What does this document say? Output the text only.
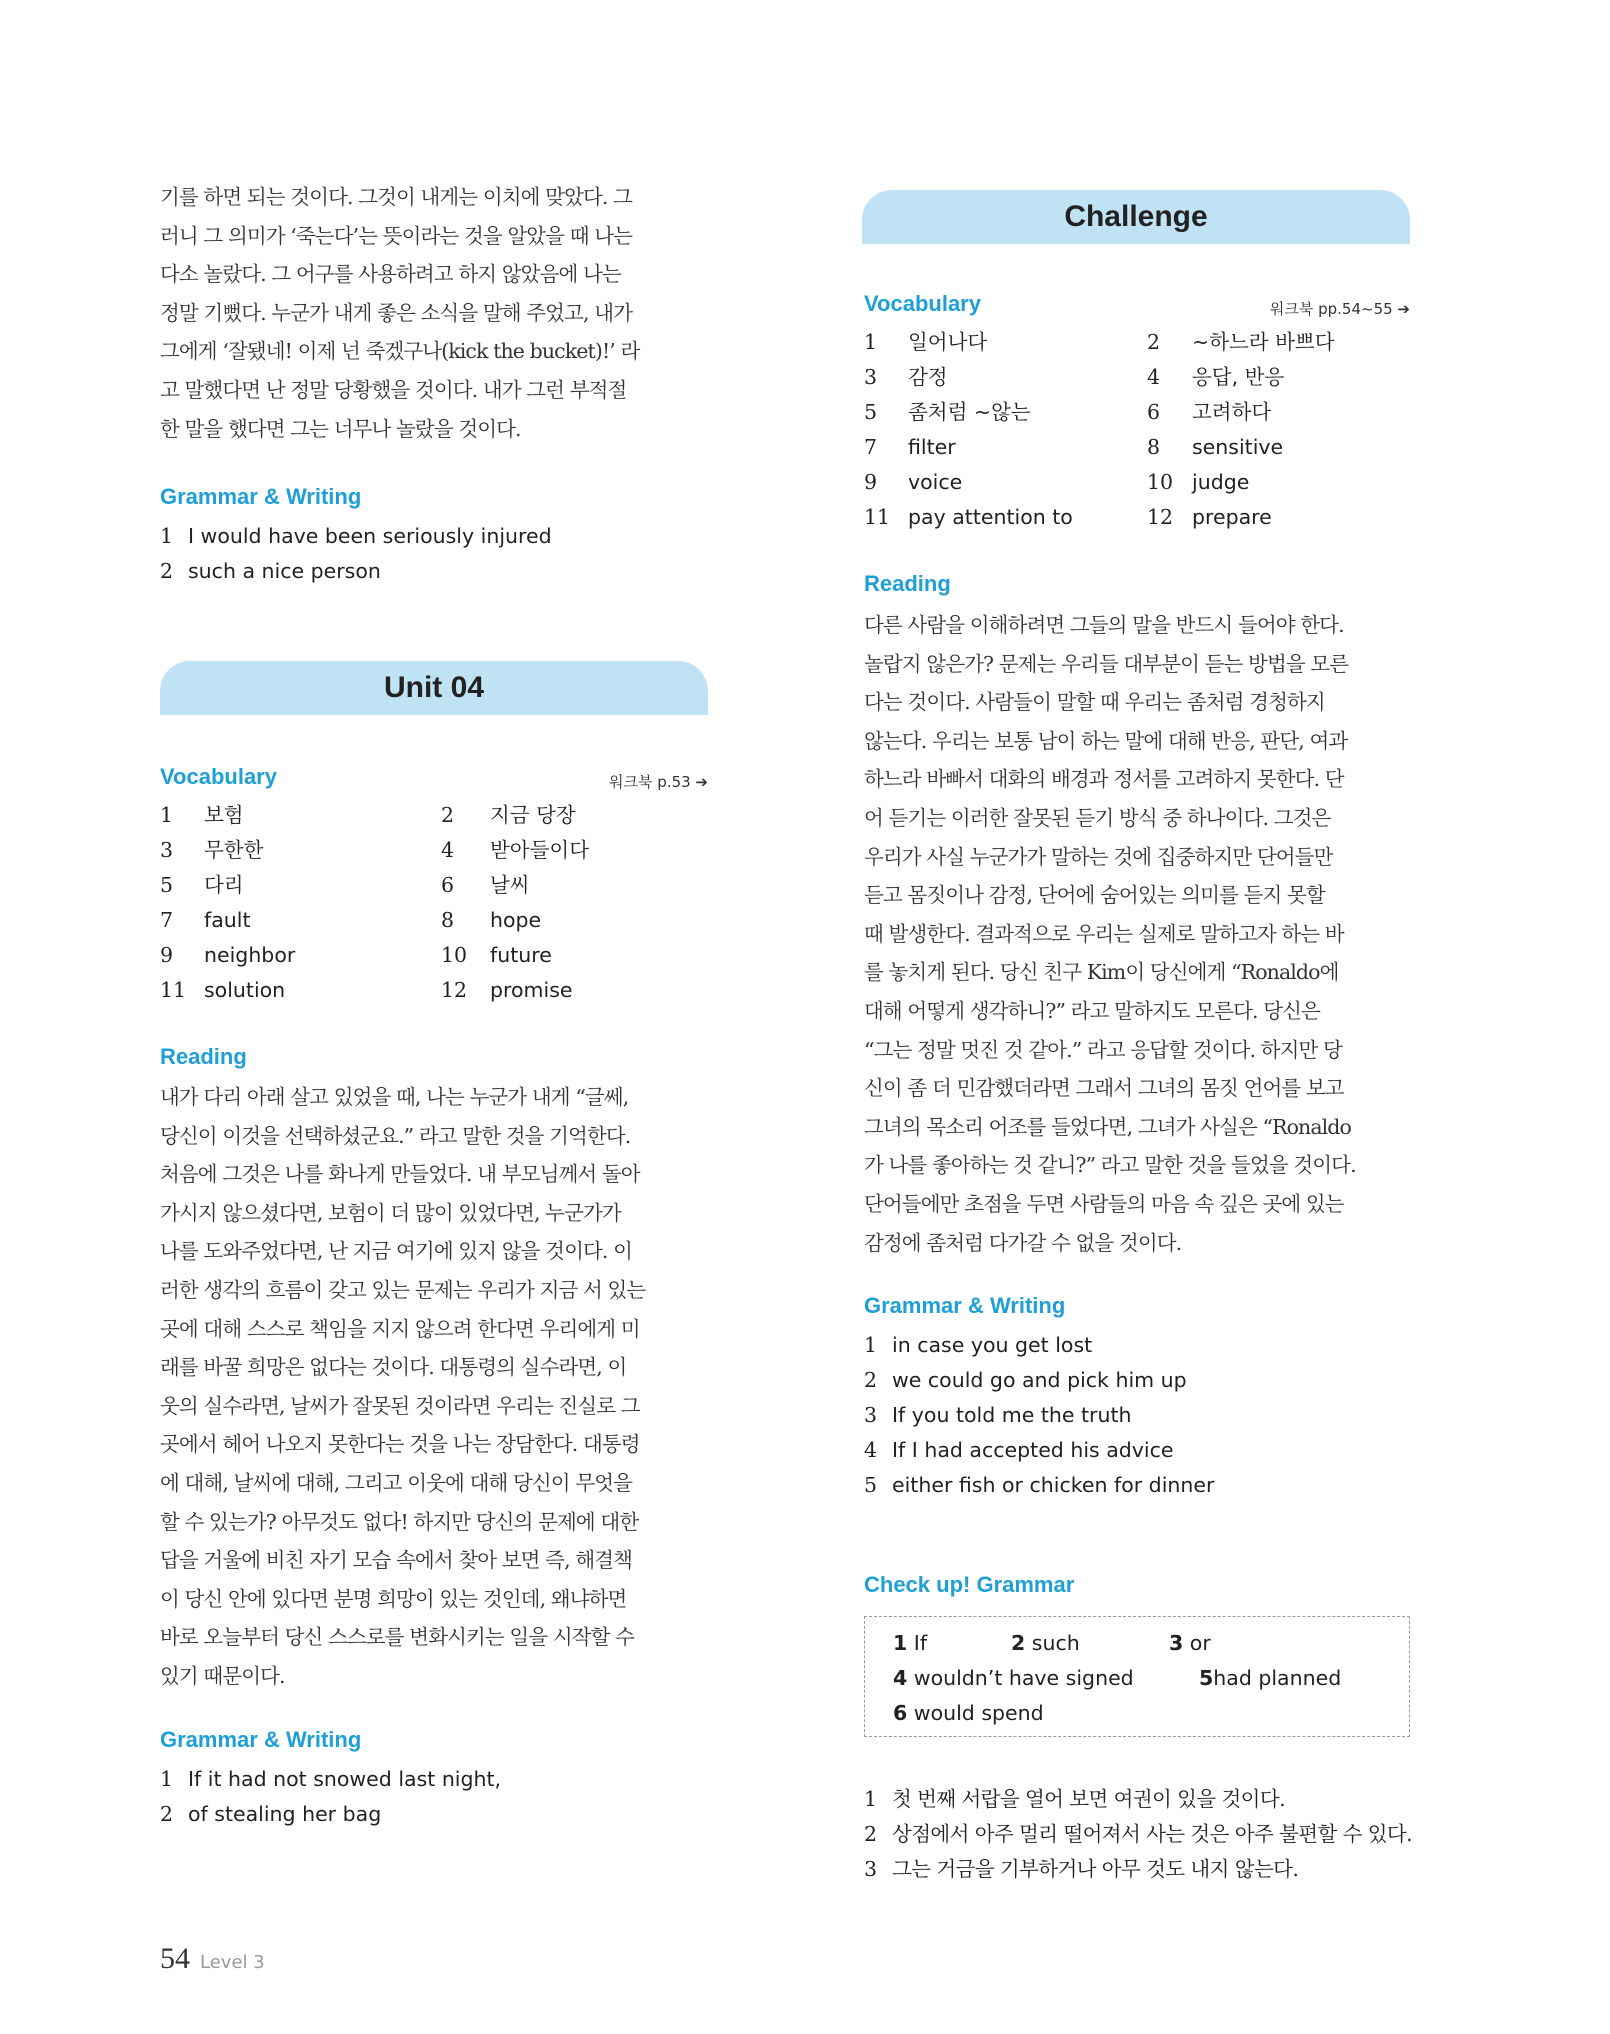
기를 하면 되는 것이다. 그것이 내게는 이치에 맞았다. 그
러니 그 의미가 ‘죽는다’는 뜻이라는 것을 알았을 때 나는
다소 놀랐다. 그 어구를 사용하려고 하지 않았음에 나는
정말 기뻤다. 누군가 내게 좋은 소식을 말해 주었고, 내가
그에게 ‘잘됐네! 이제 넌 죽겠구나(kick the bucket)!’ 라
고 말했다면 난 정말 당황했을 것이다. 내가 그런 부적절
한 말을 했다면 그는 너무나 놀랐을 것이다.

Grammar & Writing
1 I would have been seriously injured
2 such a nice person
Unit 04
Vocabulary	워크북 p.53 ➔
1 보험	2 지금 당장
3 무한한	4 받아들이다
5 다리	6 날씨
7 fault	8 hope
9 neighbor	10 future
11 solution	12 promise
Reading

내가 다리 아래 살고 있었을 때, 나는 누군가 내게 “글쎄,
당신이 이것을 선택하셨군요.” 라고 말한 것을 기억한다.
처음에 그것은 나를 화나게 만들었다. 내 부모님께서 돌아
가시지 않으셨다면, 보험이 더 많이 있었다면, 누군가가
나를 도와주었다면, 난 지금 여기에 있지 않을 것이다. 이
러한 생각의 흐름이 갖고 있는 문제는 우리가 지금 서 있는
곳에 대해 스스로 책임을 지지 않으려 한다면 우리에게 미
래를 바꿀 희망은 없다는 것이다. 대통령의 실수라면, 이
웃의 실수라면, 날씨가 잘못된 것이라면 우리는 진실로 그
곳에서 헤어 나오지 못한다는 것을 나는 장담한다. 대통령
에 대해, 날씨에 대해, 그리고 이웃에 대해 당신이 무엇을
할 수 있는가? 아무것도 없다! 하지만 당신의 문제에 대한
답을 거울에 비친 자기 모습 속에서 찾아 보면 즉, 해결책
이 당신 안에 있다면 분명 희망이 있는 것인데, 왜냐하면
바로 오늘부터 당신 스스로를 변화시키는 일을 시작할 수
있기 때문이다.

Grammar & Writing
1 If it had not snowed last night,
2 of stealing her bag
Challenge
Vocabulary	워크북 pp.54~55 ➔
1 일어나다	2 ~하느라 바쁘다
3 감정	4 응답, 반응
5 좀처럼 ~않는	6 고려하다
7 filter	8 sensitive
9 voice	10 judge
11 pay attention to	12 prepare
Reading

다른 사람을 이해하려면 그들의 말을 반드시 들어야 한다.
놀랍지 않은가? 문제는 우리들 대부분이 듣는 방법을 모른
다는 것이다. 사람들이 말할 때 우리는 좀처럼 경청하지
않는다. 우리는 보통 남이 하는 말에 대해 반응, 판단, 여과
하느라 바빠서 대화의 배경과 정서를 고려하지 못한다. 단
어 듣기는 이러한 잘못된 듣기 방식 중 하나이다. 그것은
우리가 사실 누군가가 말하는 것에 집중하지만 단어들만
듣고 몸짓이나 감정, 단어에 숨어있는 의미를 듣지 못할
때 발생한다. 결과적으로 우리는 실제로 말하고자 하는 바
를 놓치게 된다. 당신 친구 Kim이 당신에게 “Ronaldo에
대해 어떻게 생각하니?” 라고 말하지도 모른다. 당신은
“그는 정말 멋진 것 같아.” 라고 응답할 것이다. 하지만 당
신이 좀 더 민감했더라면 그래서 그녀의 몸짓 언어를 보고
그녀의 목소리 어조를 들었다면, 그녀가 사실은 “Ronaldo
가 나를 좋아하는 것 같니?” 라고 말한 것을 들었을 것이다.
단어들에만 초점을 두면 사람들의 마음 속 깊은 곳에 있는
감정에 좀처럼 다가갈 수 없을 것이다.

Grammar & Writing
1 in case you get lost
2 we could go and pick him up
3 If you told me the truth
4 If I had accepted his advice
5 either fish or chicken for dinner
Check up! Grammar
1 If	2 such	3 or
4 wouldn’t have signed	5had planned
6 would spend
1 첫 번째 서랍을 열어 보면 여권이 있을 것이다.
2 상점에서 아주 멀리 떨어져서 사는 것은 아주 불편할 수 있다.
3 그는 거금을 기부하거나 아무 것도 내지 않는다.
54 Level 3
